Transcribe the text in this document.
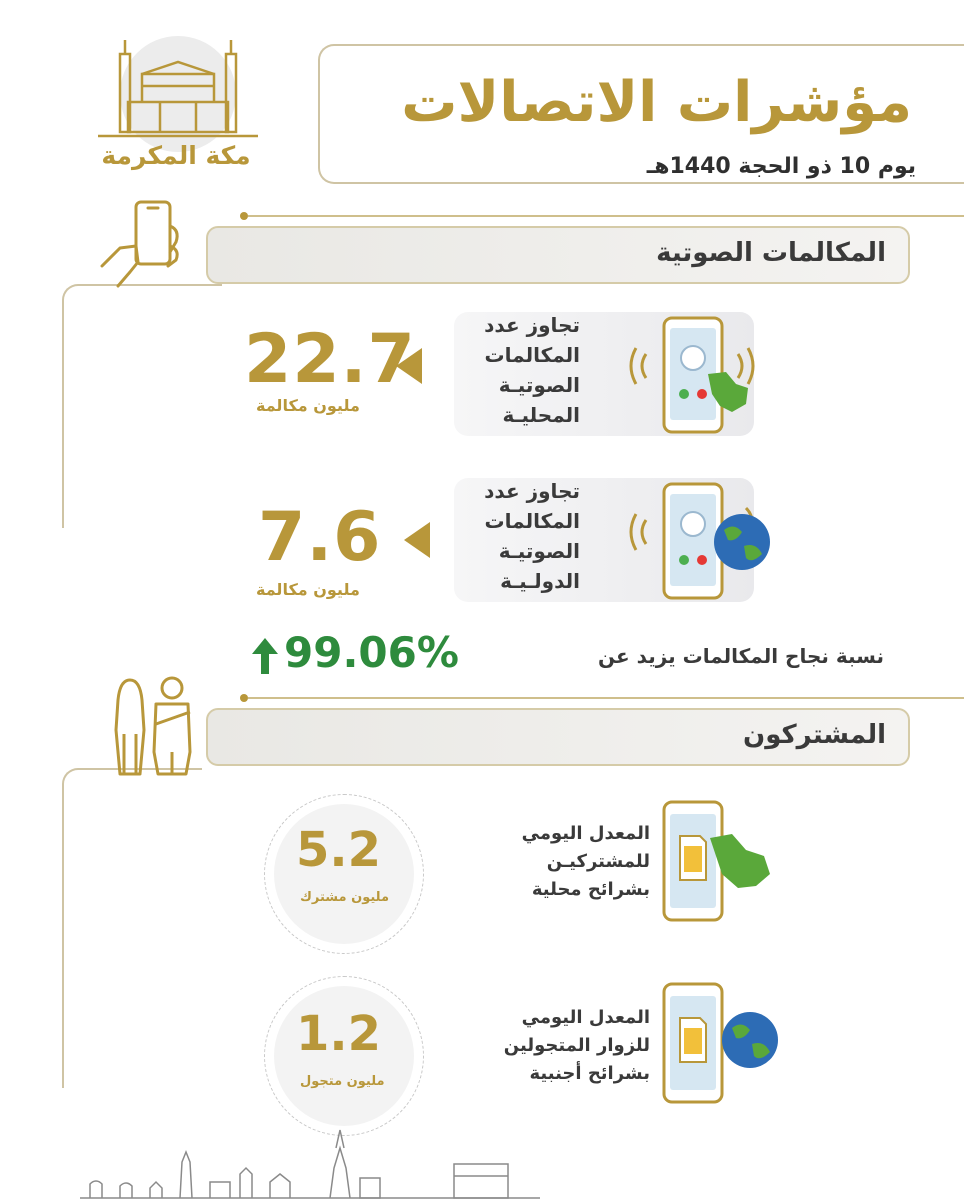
مؤشرات الاتصالات
يوم 10 ذو الحجة 1440هـ
مكة المكرمة
المكالمات الصوتية
تجاوز عدد
المكالمات
الصوتيـة
المحليـة
22.7
مليون مكالمة
تجاوز عدد
المكالمات
الصوتيـة
الدولـيـة
7.6
مليون مكالمة
99.06%	نسبة نجاح المكالمات يزيد عن
المشتركون
5.2
مليون مشترك
المعدل اليومي
للمشتركيـن
بشرائح محلية
1.2
مليون متجول
المعدل اليومي
للزوار المتجولين
بشرائح أجنبية
